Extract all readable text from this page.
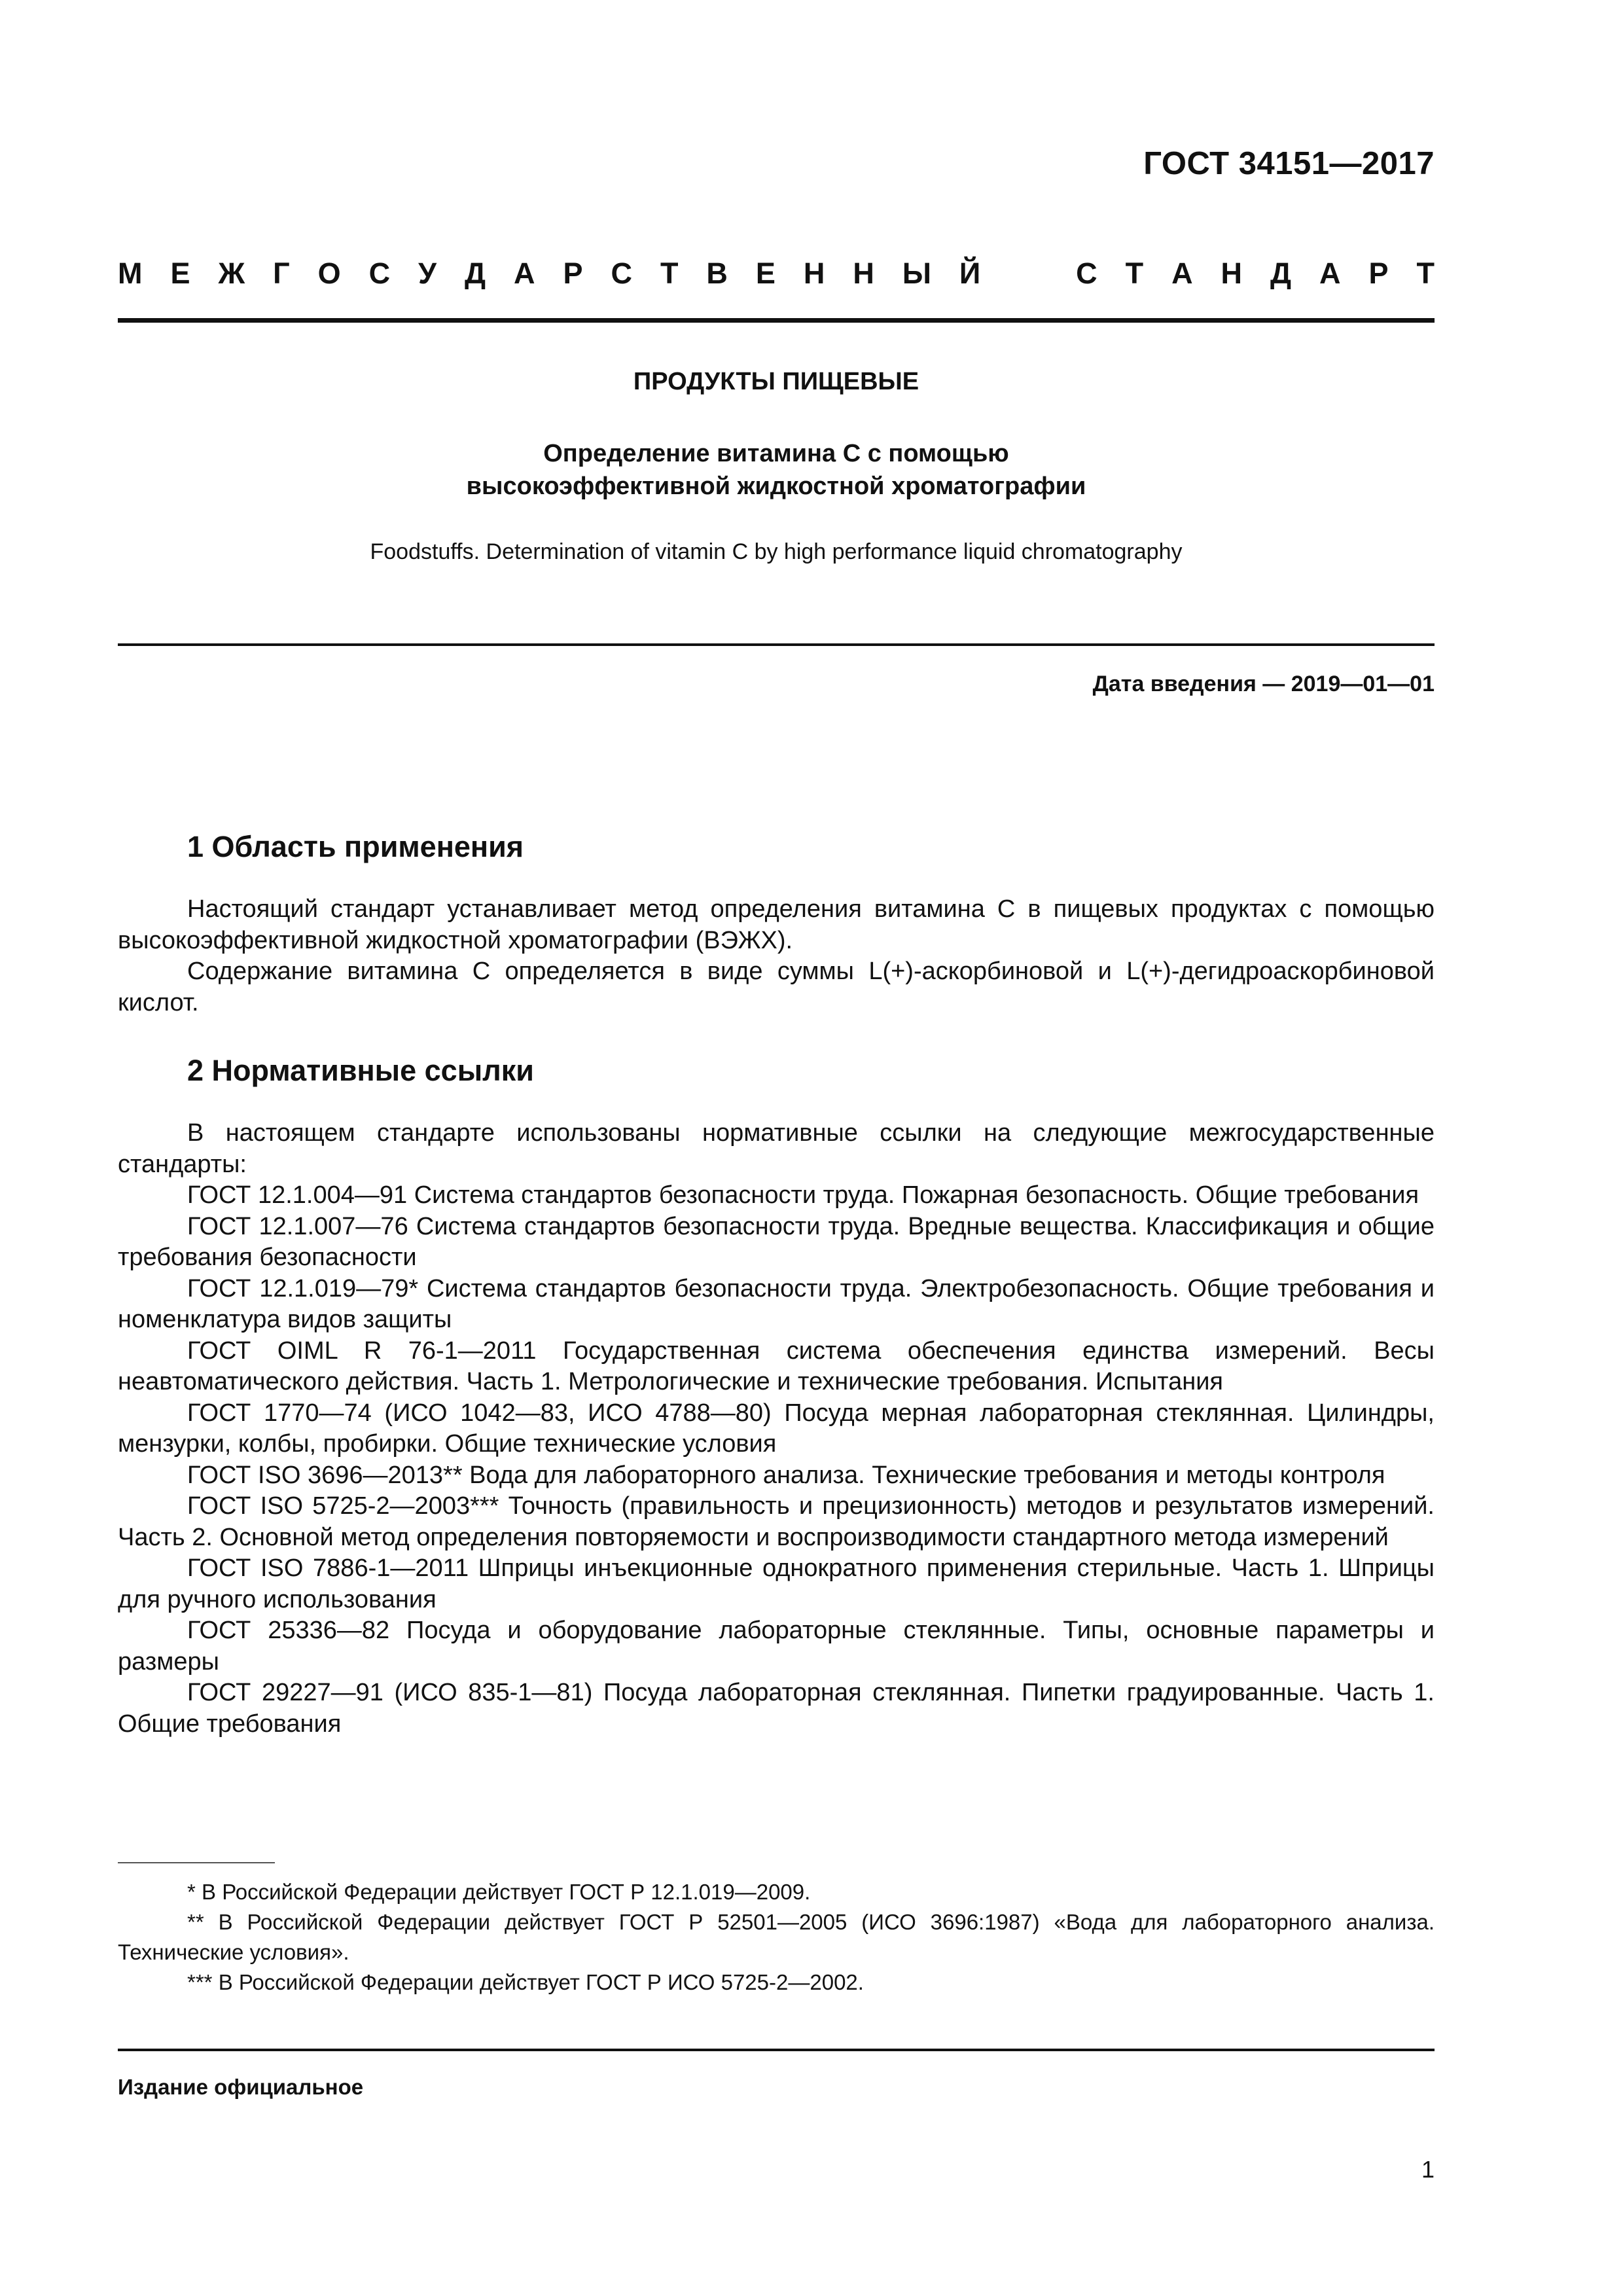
ГОСТ 34151—2017
М Е Ж Г О С У Д А Р С Т В Е Н Н Ы Й	С Т А Н Д А Р Т
ПРОДУКТЫ ПИЩЕВЫЕ
Определение витамина С с помощью
высокоэффективной жидкостной хроматографии
Foodstuffs. Determination of vitamin C by high performance liquid chromatography
Дата введения — 2019—01—01
1 Область применения

Настоящий стандарт устанавливает метод определения витамина С в пищевых продуктах с помощью высокоэффективной жидкостной хроматографии (ВЭЖХ).

Содержание витамина С определяется в виде суммы L(+)-аскорбиновой и L(+)-дегидроаскорбиновой кислот.

2 Нормативные ссылки

В настоящем стандарте использованы нормативные ссылки на следующие межгосударственные стандарты:

ГОСТ 12.1.004—91 Система стандартов безопасности труда. Пожарная безопасность. Общие требования

ГОСТ 12.1.007—76 Система стандартов безопасности труда. Вредные вещества. Классификация и общие требования безопасности

ГОСТ 12.1.019—79* Система стандартов безопасности труда. Электробезопасность. Общие требования и номенклатура видов защиты

ГОСТ OIML R 76-1—2011 Государственная система обеспечения единства измерений. Весы неавтоматического действия. Часть 1. Метрологические и технические требования. Испытания

ГОСТ 1770—74 (ИСО 1042—83, ИСО 4788—80) Посуда мерная лабораторная стеклянная. Цилиндры, мензурки, колбы, пробирки. Общие технические условия

ГОСТ ISO 3696—2013** Вода для лабораторного анализа. Технические требования и методы контроля

ГОСТ ISO 5725-2—2003*** Точность (правильность и прецизионность) методов и результатов измерений. Часть 2. Основной метод определения повторяемости и воспроизводимости стандартного метода измерений

ГОСТ ISO 7886-1—2011 Шприцы инъекционные однократного применения стерильные. Часть 1. Шприцы для ручного использования

ГОСТ 25336—82 Посуда и оборудование лабораторные стеклянные. Типы, основные параметры и размеры

ГОСТ 29227—91 (ИСО 835-1—81) Посуда лабораторная стеклянная. Пипетки градуированные. Часть 1. Общие требования

* В Российской Федерации действует ГОСТ Р 12.1.019—2009.

** В Российской Федерации действует ГОСТ Р 52501—2005 (ИСО 3696:1987) «Вода для лабораторного анализа. Технические условия».

*** В Российской Федерации действует ГОСТ Р ИСО 5725-2—2002.

Издание официальное
1
